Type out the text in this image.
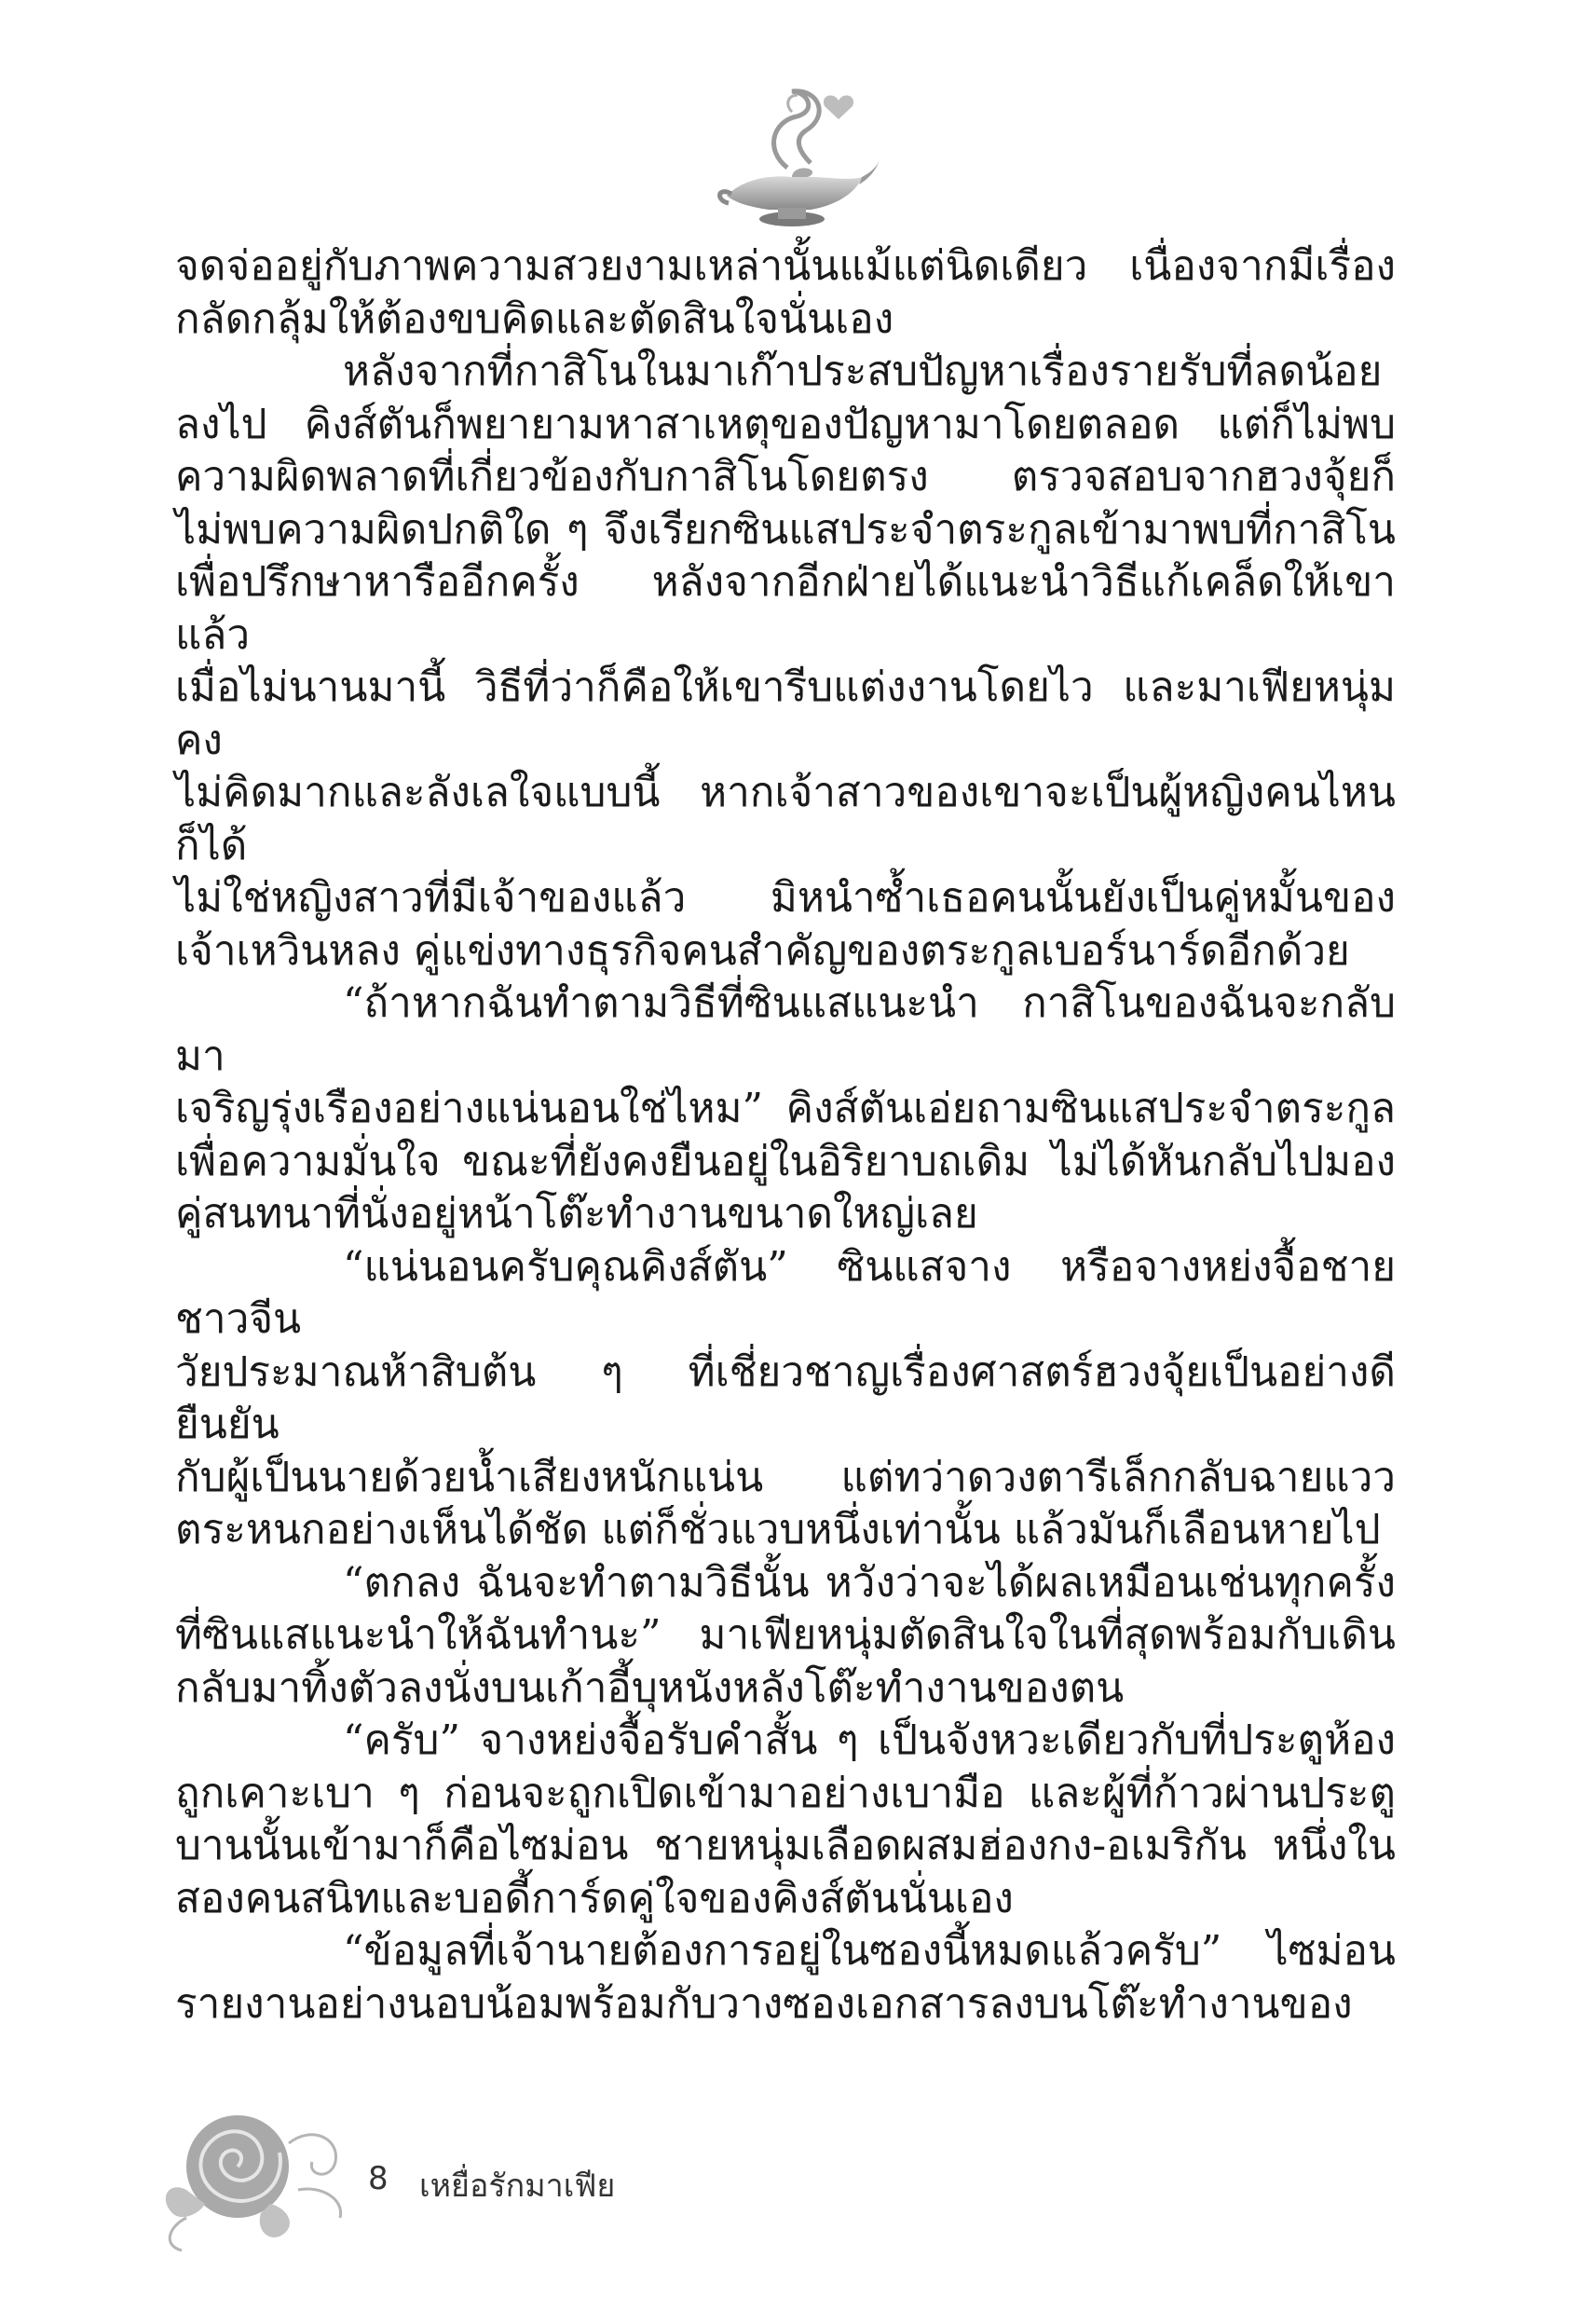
จดจ่ออยู่กับภาพความสวยงามเหล่านั้นแม้แต่นิดเดียว เนื่องจากมีเรื่อง

กลัดกลุ้มให้ต้องขบคิดและตัดสินใจนั่นเอง

หลังจากที่กาสิโนในมาเก๊าประสบปัญหาเรื่องรายรับที่ลดน้อย

ลงไป คิงส์ตันก็พยายามหาสาเหตุของปัญหามาโดยตลอด แต่ก็ไม่พบ

ความผิดพลาดที่เกี่ยวข้องกับกาสิโนโดยตรง ตรวจสอบจากฮวงจุ้ยก็

ไม่พบความผิดปกติใด ๆ จึงเรียกซินแสประจำตระกูลเข้ามาพบที่กาสิโน

เพื่อปรึกษาหารืออีกครั้ง หลังจากอีกฝ่ายได้แนะนำวิธีแก้เคล็ดให้เขาแล้ว

เมื่อไม่นานมานี้ วิธีที่ว่าก็คือให้เขารีบแต่งงานโดยไว และมาเฟียหนุ่มคง

ไม่คิดมากและลังเลใจแบบนี้ หากเจ้าสาวของเขาจะเป็นผู้หญิงคนไหนก็ได้

ไม่ใช่หญิงสาวที่มีเจ้าของแล้ว มิหนำซ้ำเธอคนนั้นยังเป็นคู่หมั้นของ

เจ้าเหวินหลง คู่แข่งทางธุรกิจคนสำคัญของตระกูลเบอร์นาร์ดอีกด้วย

“ถ้าหากฉันทำตามวิธีที่ซินแสแนะนำ กาสิโนของฉันจะกลับมา

เจริญรุ่งเรืองอย่างแน่นอนใช่ไหม” คิงส์ตันเอ่ยถามซินแสประจำตระกูล

เพื่อความมั่นใจ ขณะที่ยังคงยืนอยู่ในอิริยาบถเดิม ไม่ได้หันกลับไปมอง

คู่สนทนาที่นั่งอยู่หน้าโต๊ะทำงานขนาดใหญ่เลย

“แน่นอนครับคุณคิงส์ตัน” ซินแสจาง หรือจางหย่งจื้อชายชาวจีน

วัยประมาณห้าสิบต้น ๆ ที่เชี่ยวชาญเรื่องศาสตร์ฮวงจุ้ยเป็นอย่างดียืนยัน

กับผู้เป็นนายด้วยน้ำเสียงหนักแน่น แต่ทว่าดวงตารีเล็กกลับฉายแวว

ตระหนกอย่างเห็นได้ชัด แต่ก็ชั่วแวบหนึ่งเท่านั้น แล้วมันก็เลือนหายไป

“ตกลง ฉันจะทำตามวิธีนั้น หวังว่าจะได้ผลเหมือนเช่นทุกครั้ง

ที่ซินแสแนะนำให้ฉันทำนะ” มาเฟียหนุ่มตัดสินใจในที่สุดพร้อมกับเดิน

กลับมาทิ้งตัวลงนั่งบนเก้าอี้บุหนังหลังโต๊ะทำงานของตน

“ครับ” จางหย่งจื้อรับคำสั้น ๆ เป็นจังหวะเดียวกับที่ประตูห้อง

ถูกเคาะเบา ๆ ก่อนจะถูกเปิดเข้ามาอย่างเบามือ และผู้ที่ก้าวผ่านประตู

บานนั้นเข้ามาก็คือไซม่อน ชายหนุ่มเลือดผสมฮ่องกง-อเมริกัน หนึ่งใน

สองคนสนิทและบอดี้การ์ดคู่ใจของคิงส์ตันนั่นเอง

“ข้อมูลที่เจ้านายต้องการอยู่ในซองนี้หมดแล้วครับ” ไซม่อน

รายงานอย่างนอบน้อมพร้อมกับวางซองเอกสารลงบนโต๊ะทำงานของ

8 เหยื่อรักมาเฟีย
